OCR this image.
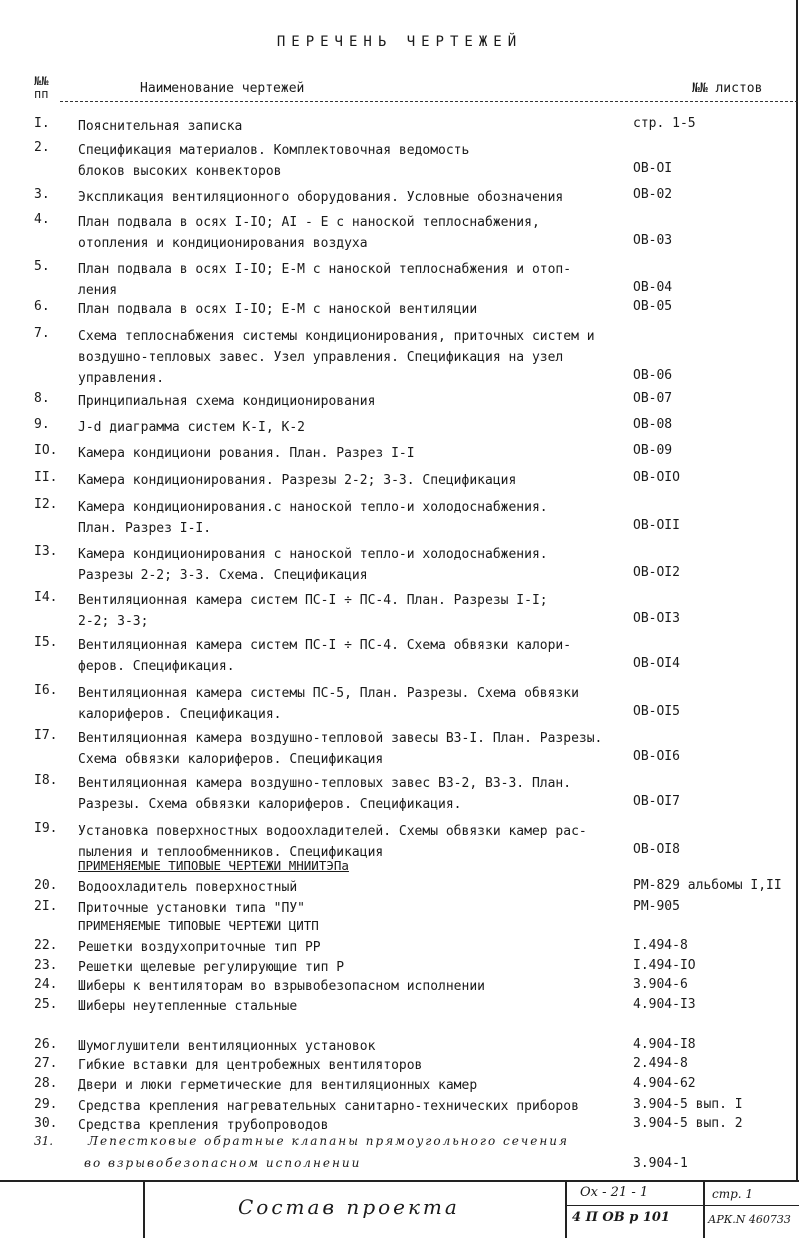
ПЕРЕЧЕНЬ ЧЕРТЕЖЕЙ
№№
пп	Наименование чертежей	№№ листов
I.	Пояснительная записка	стр. 1-5
2.	Спецификация материалов. Комплектовочная ведомость
блоков высоких конвекторов	ОВ-ОI
3.	Экспликация вентиляционного оборудования. Условные обозначения	ОВ-02
4.	План подвала в осях I-IO; АI - Е с наноской теплоснабжения,
отопления и кондиционирования воздуха	ОВ-03
5.	План подвала в осях I-IO; Е-М с наноской теплоснабжения и отоп-
ления	ОВ-04
6.	План подвала в осях I-IO; Е-М с наноской вентиляции	ОВ-05
7.	Схема теплоснабжения системы кондиционирования, приточных систем и
воздушно-тепловых завес. Узел управления. Спецификация на узел
управления.	ОВ-06
8.	Принципиальная схема кондиционирования	ОВ-07
9.	J-d диаграмма систем К-I, К-2	ОВ-08
IO.	Камера кондициони рования. План. Разрез I-I	ОВ-09
II.	Камера кондиционирования. Разрезы 2-2; 3-3. Спецификация	ОВ-ОIO
I2.	Камера кондиционирования.с наноской тепло-и холодоснабжения.
План. Разрез I-I.	ОВ-ОII
I3.	Камера кондиционирования с наноской тепло-и холодоснабжения.
Разрезы 2-2; 3-3. Схема. Спецификация	ОВ-ОI2
I4.	Вентиляционная камера систем ПС-I ÷ ПС-4. План. Разрезы I-I;
2-2; 3-3;	ОВ-ОI3
I5.	Вентиляционная камера систем ПС-I ÷ ПС-4. Схема обвязки калори-
феров. Спецификация.	ОВ-ОI4
I6.	Вентиляционная камера системы ПС-5, План. Разрезы. Схема обвязки
калориферов. Спецификация.	ОВ-ОI5
I7.	Вентиляционная камера воздушно-тепловой завесы ВЗ-I. План. Разрезы.
Схема обвязки калориферов. Спецификация	ОВ-ОI6
I8.	Вентиляционная камера воздушно-тепловых завес ВЗ-2, ВЗ-3. План.
Разрезы. Схема обвязки калориферов. Спецификация.	ОВ-ОI7
I9.	Установка поверхностных водоохладителей. Схемы обвязки камер рас-
пыления и теплообменников. Спецификация	ОВ-ОI8
ПРИМЕНЯЕМЫЕ ТИПОВЫЕ ЧЕРТЕЖИ МНИИТЭПа
20.	Водоохладитель поверхностный	РМ-829 альбомы I,II
2I.	Приточные установки типа "ПУ"	РМ-905
ПРИМЕНЯЕМЫЕ ТИПОВЫЕ ЧЕРТЕЖИ ЦИТП
22.	Решетки воздухоприточные тип РР	I.494-8
23.	Решетки щелевые регулирующие тип Р	I.494-IO
24.	Шиберы к вентиляторам во взрывобезопасном исполнении	3.904-6
25.	Шиберы неутепленные стальные	4.904-I3
26.	Шумоглушители вентиляционных установок	4.904-I8
27.	Гибкие вставки для центробежных вентиляторов	2.494-8
28.	Двери и люки герметические для вентиляционных камер	4.904-62
29.	Средства крепления нагревательных санитарно-технических приборов	3.904-5 вып. I
30.	Средства крепления трубопроводов	3.904-5 вып. 2
31.	Лепестковые обратные клапаны прямоугольного сечения
во взрывобезопасном исполнении	3.904-1
Состав проекта
Ох - 21 - 1	стр. 1
4 П ОВ р 101	АРК.N 460733
